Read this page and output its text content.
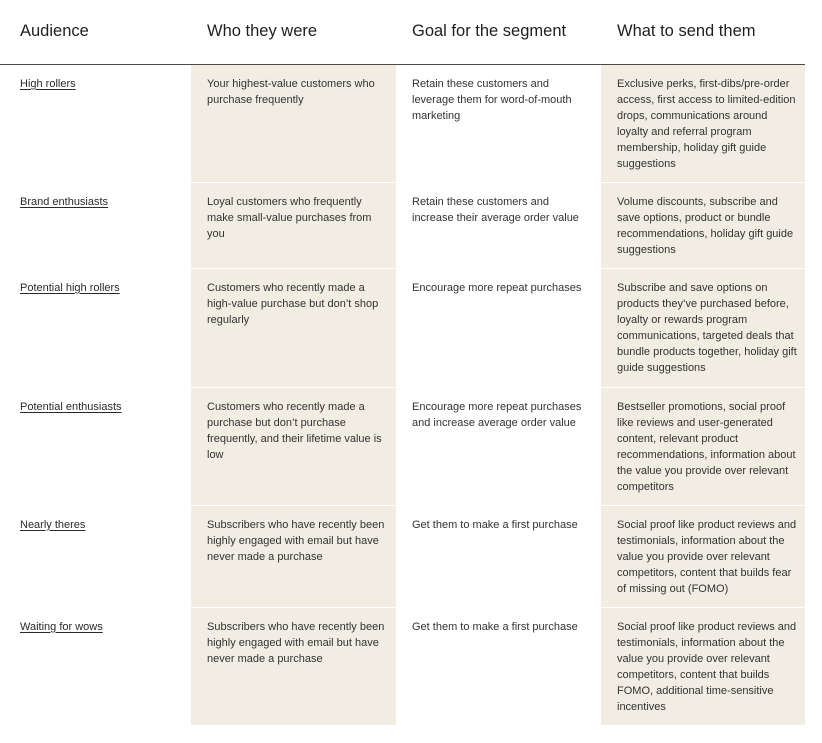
Audience	Who they were	Goal for the segment	What to send them
High rollers	Your highest-value customers who purchase frequently	Retain these customers and leverage them for word-of-mouth marketing	Exclusive perks, first-dibs/pre-order access, first access to limited-edition drops, communications around loyalty and referral program membership, holiday gift guide suggestions
Brand enthusiasts	Loyal customers who frequently make small-value purchases from you	Retain these customers and increase their average order value	Volume discounts, subscribe and save options, product or bundle recommendations, holiday gift guide suggestions
Potential high rollers	Customers who recently made a high-value purchase but don’t shop regularly	Encourage more repeat purchases	Subscribe and save options on products they’ve purchased before, loyalty or rewards program communications, targeted deals that bundle products together, holiday gift guide suggestions
Potential enthusiasts	Customers who recently made a purchase but don’t purchase frequently, and their lifetime value is low	Encourage more repeat purchases and increase average order value	Bestseller promotions, social proof like reviews and user-generated content, relevant product recommendations, information about the value you provide over relevant competitors
Nearly theres	Subscribers who have recently been highly engaged with email but have never made a purchase	Get them to make a first purchase	Social proof like product reviews and testimonials, information about the value you provide over relevant competitors, content that builds fear of missing out (FOMO)
Waiting for wows	Subscribers who have recently been highly engaged with email but have never made a purchase	Get them to make a first purchase	Social proof like product reviews and testimonials, information about the value you provide over relevant competitors, content that builds FOMO, additional time-sensitive incentives
